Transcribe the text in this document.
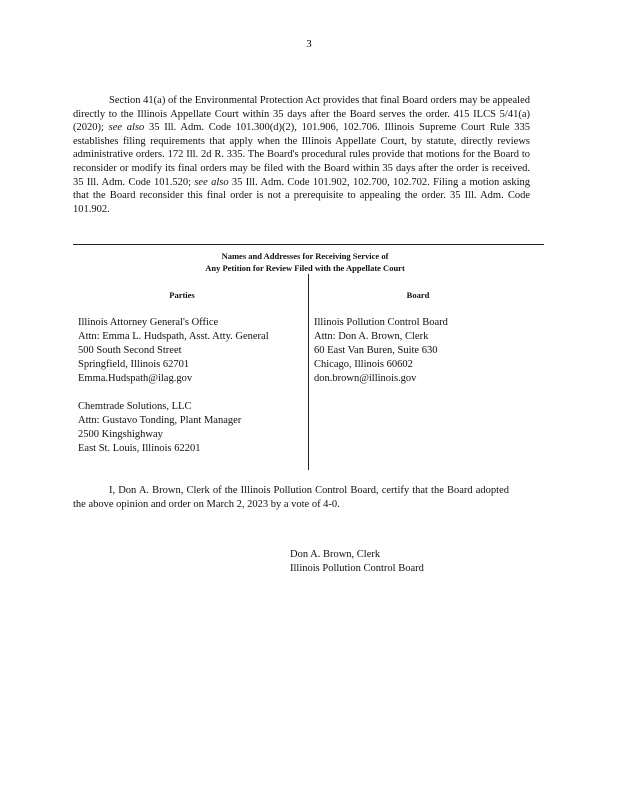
3

Section 41(a) of the Environmental Protection Act provides that final Board orders may be appealed directly to the Illinois Appellate Court within 35 days after the Board serves the order. 415 ILCS 5/41(a) (2020); see also 35 Ill. Adm. Code 101.300(d)(2), 101.906, 102.706. Illinois Supreme Court Rule 335 establishes filing requirements that apply when the Illinois Appellate Court, by statute, directly reviews administrative orders. 172 Ill. 2d R. 335. The Board's procedural rules provide that motions for the Board to reconsider or modify its final orders may be filed with the Board within 35 days after the order is received. 35 Ill. Adm. Code 101.520; see also 35 Ill. Adm. Code 101.902, 102.700, 102.702. Filing a motion asking that the Board reconsider this final order is not a prerequisite to appealing the order. 35 Ill. Adm. Code 101.902.

Names and Addresses for Receiving Service of
Any Petition for Review Filed with the Appellate Court
Parties	Board
Illinois Attorney General's Office
Attn: Emma L. Hudspath, Asst. Atty. General
500 South Second Street
Springfield, Illinois 62701
Emma.Hudspath@ilag.gov
Chemtrade Solutions, LLC
Attn: Gustavo Tonding, Plant Manager
2500 Kingshighway
East St. Louis, Illinois 62201
Illinois Pollution Control Board
Attn: Don A. Brown, Clerk
60 East Van Buren, Suite 630
Chicago, Illinois 60602
don.brown@illinois.gov

I, Don A. Brown, Clerk of the Illinois Pollution Control Board, certify that the Board adopted the above opinion and order on March 2, 2023 by a vote of 4-0.

Don A. Brown, Clerk
Illinois Pollution Control Board
